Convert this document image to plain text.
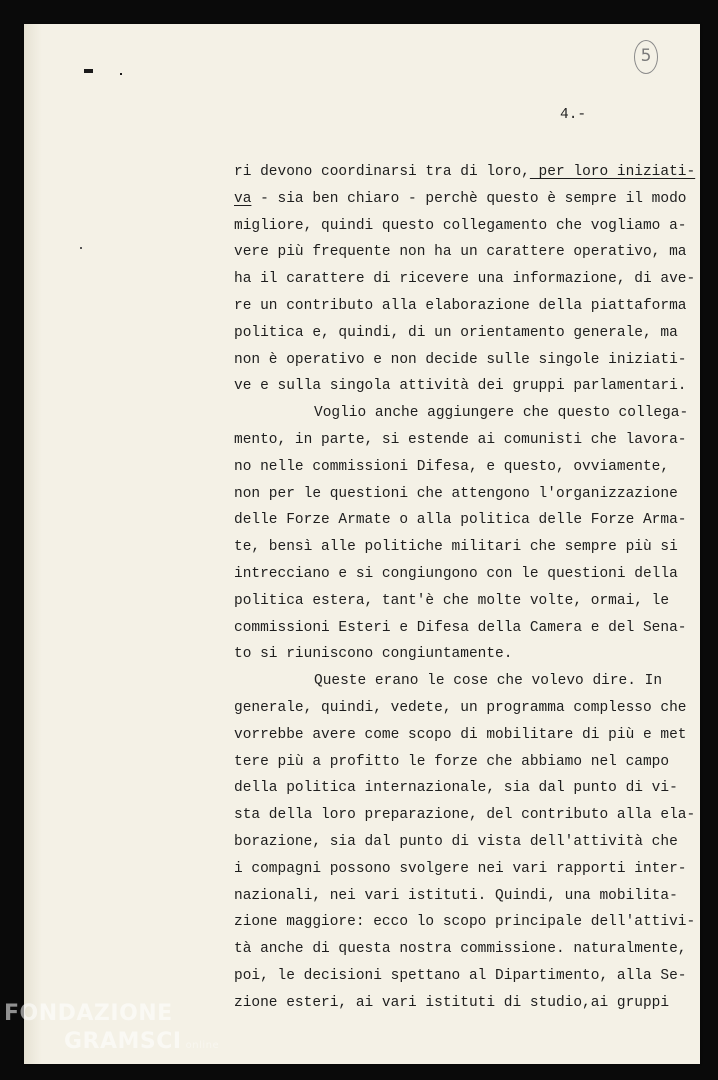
5
4.-
ri devono coordinarsi tra di loro, per loro iniziati-
va - sia ben chiaro - perchè questo è sempre il modo
migliore, quindi questo collegamento che vogliamo a-
vere più frequente non ha un carattere operativo, ma
ha il carattere di ricevere una informazione, di ave-
re un contributo alla elaborazione della piattaforma
politica e, quindi, di un orientamento generale, ma
non è operativo e non decide sulle singole iniziati-
ve e sulla singola attività dei gruppi parlamentari.
Voglio anche aggiungere che questo collega-
mento, in parte, si estende ai comunisti che lavora-
no nelle commissioni Difesa, e questo, ovviamente,
non per le questioni che attengono l'organizzazione
delle Forze Armate o alla politica delle Forze Arma-
te, bensì alle politiche militari che sempre più si
intrecciano e si congiungono con le questioni della
politica estera, tant'è che molte volte, ormai, le
commissioni Esteri e Difesa della Camera e del Sena-
to si riuniscono congiuntamente.
Queste erano le cose che volevo dire. In
generale, quindi, vedete, un programma complesso che
vorrebbe avere come scopo di mobilitare di più e met
tere più a profitto le forze che abbiamo nel campo
della politica internazionale, sia dal punto di vi-
sta della loro preparazione, del contributo alla ela-
borazione, sia dal punto di vista dell'attività che
i compagni possono svolgere nei vari rapporti inter-
nazionali, nei vari istituti. Quindi, una mobilita-
zione maggiore: ecco lo scopo principale dell'attivi-
tà anche di questa nostra commissione. naturalmente,
poi, le decisioni spettano al Dipartimento, alla Se-
zione esteri, ai vari istituti di studio,ai gruppi
FONDAZIONE
GRAMSCI online
